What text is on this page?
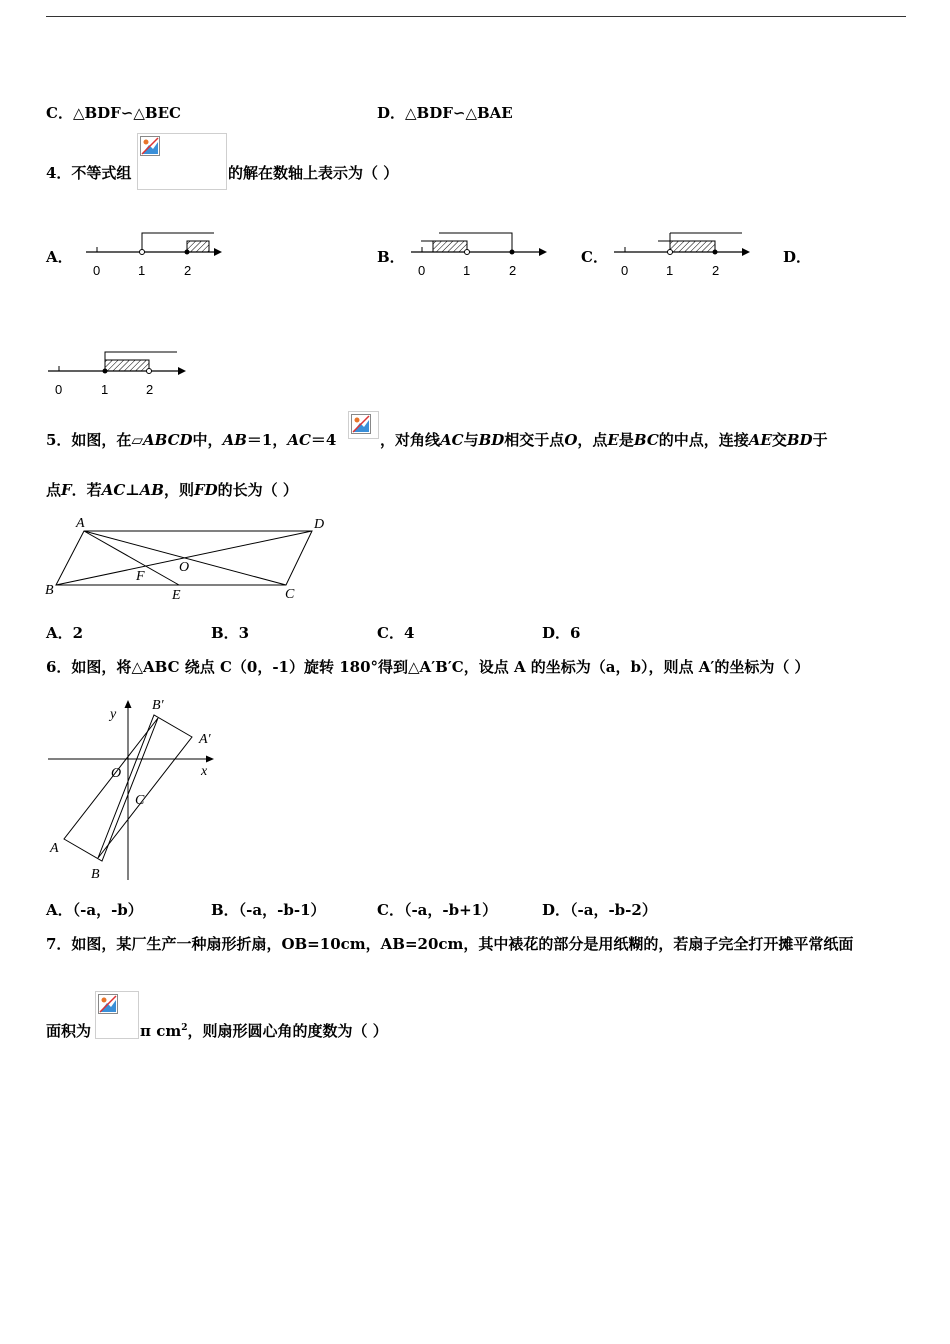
C．△BDF∽△BEC	D．△BDF∽△BAE
4．不等式组	的解在数轴上表示为（ ）
A．
0	1	2
B．
0	1	2
C．
0	1	2
D．
0	1	2
5．如图，在▱ABCD中，AB＝1，AC＝4	，对角线AC与BD相交于点O，点E是BC的中点，连接AE交BD于
点F．若AC⊥AB，则FD的长为（ ）
A	D
B	E	C
F
O
A．2	B．3	C．4	D．6
6．如图，将△ABC 绕点 C（0，-1）旋转 180°得到△A′B′C，设点 A 的坐标为（a，b），则点 A′的坐标为（ ）
y
x
O
C
A
B
B′
A′
A．（-a，-b）	B．（-a，-b-1）	C．（-a，-b+1）	D．（-a，-b-2）
7．如图，某厂生产一种扇形折扇，OB=10cm，AB=20cm，其中裱花的部分是用纸糊的，若扇子完全打开摊平常纸面
面积为	π $cm^2$，则扇形圆心角的度数为（ ）
